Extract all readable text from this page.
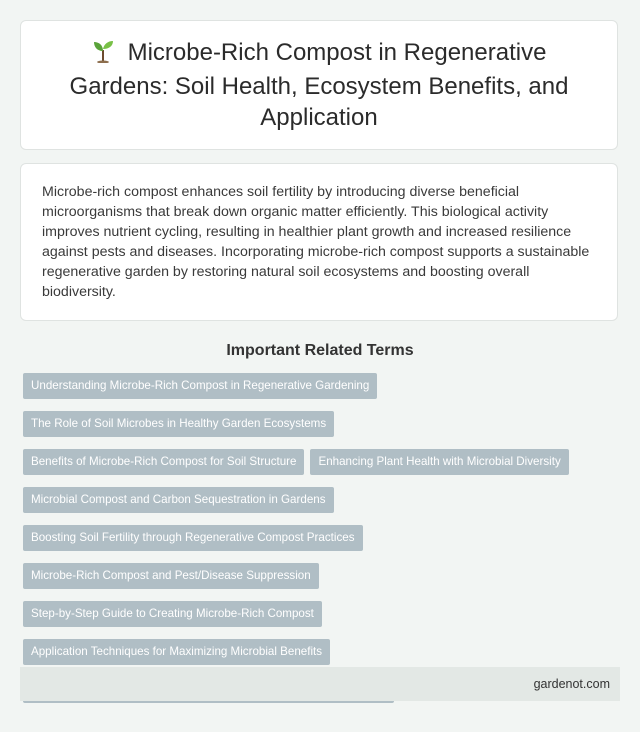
Microbe-Rich Compost in Regenerative Gardens: Soil Health, Ecosystem Benefits, and Application

Microbe-rich compost enhances soil fertility by introducing diverse beneficial microorganisms that break down organic matter efficiently. This biological activity improves nutrient cycling, resulting in healthier plant growth and increased resilience against pests and diseases. Incorporating microbe-rich compost supports a sustainable regenerative garden by restoring natural soil ecosystems and boosting overall biodiversity.

Important Related Terms
Understanding Microbe-Rich Compost in Regenerative Gardening
The Role of Soil Microbes in Healthy Garden Ecosystems
Benefits of Microbe-Rich Compost for Soil Structure	Enhancing Plant Health with Microbial Diversity
Microbial Compost and Carbon Sequestration in Gardens
Boosting Soil Fertility through Regenerative Compost Practices
Microbe-Rich Compost and Pest/Disease Suppression
Step-by-Step Guide to Creating Microbe-Rich Compost
Application Techniques for Maximizing Microbial Benefits
gardenot.com
